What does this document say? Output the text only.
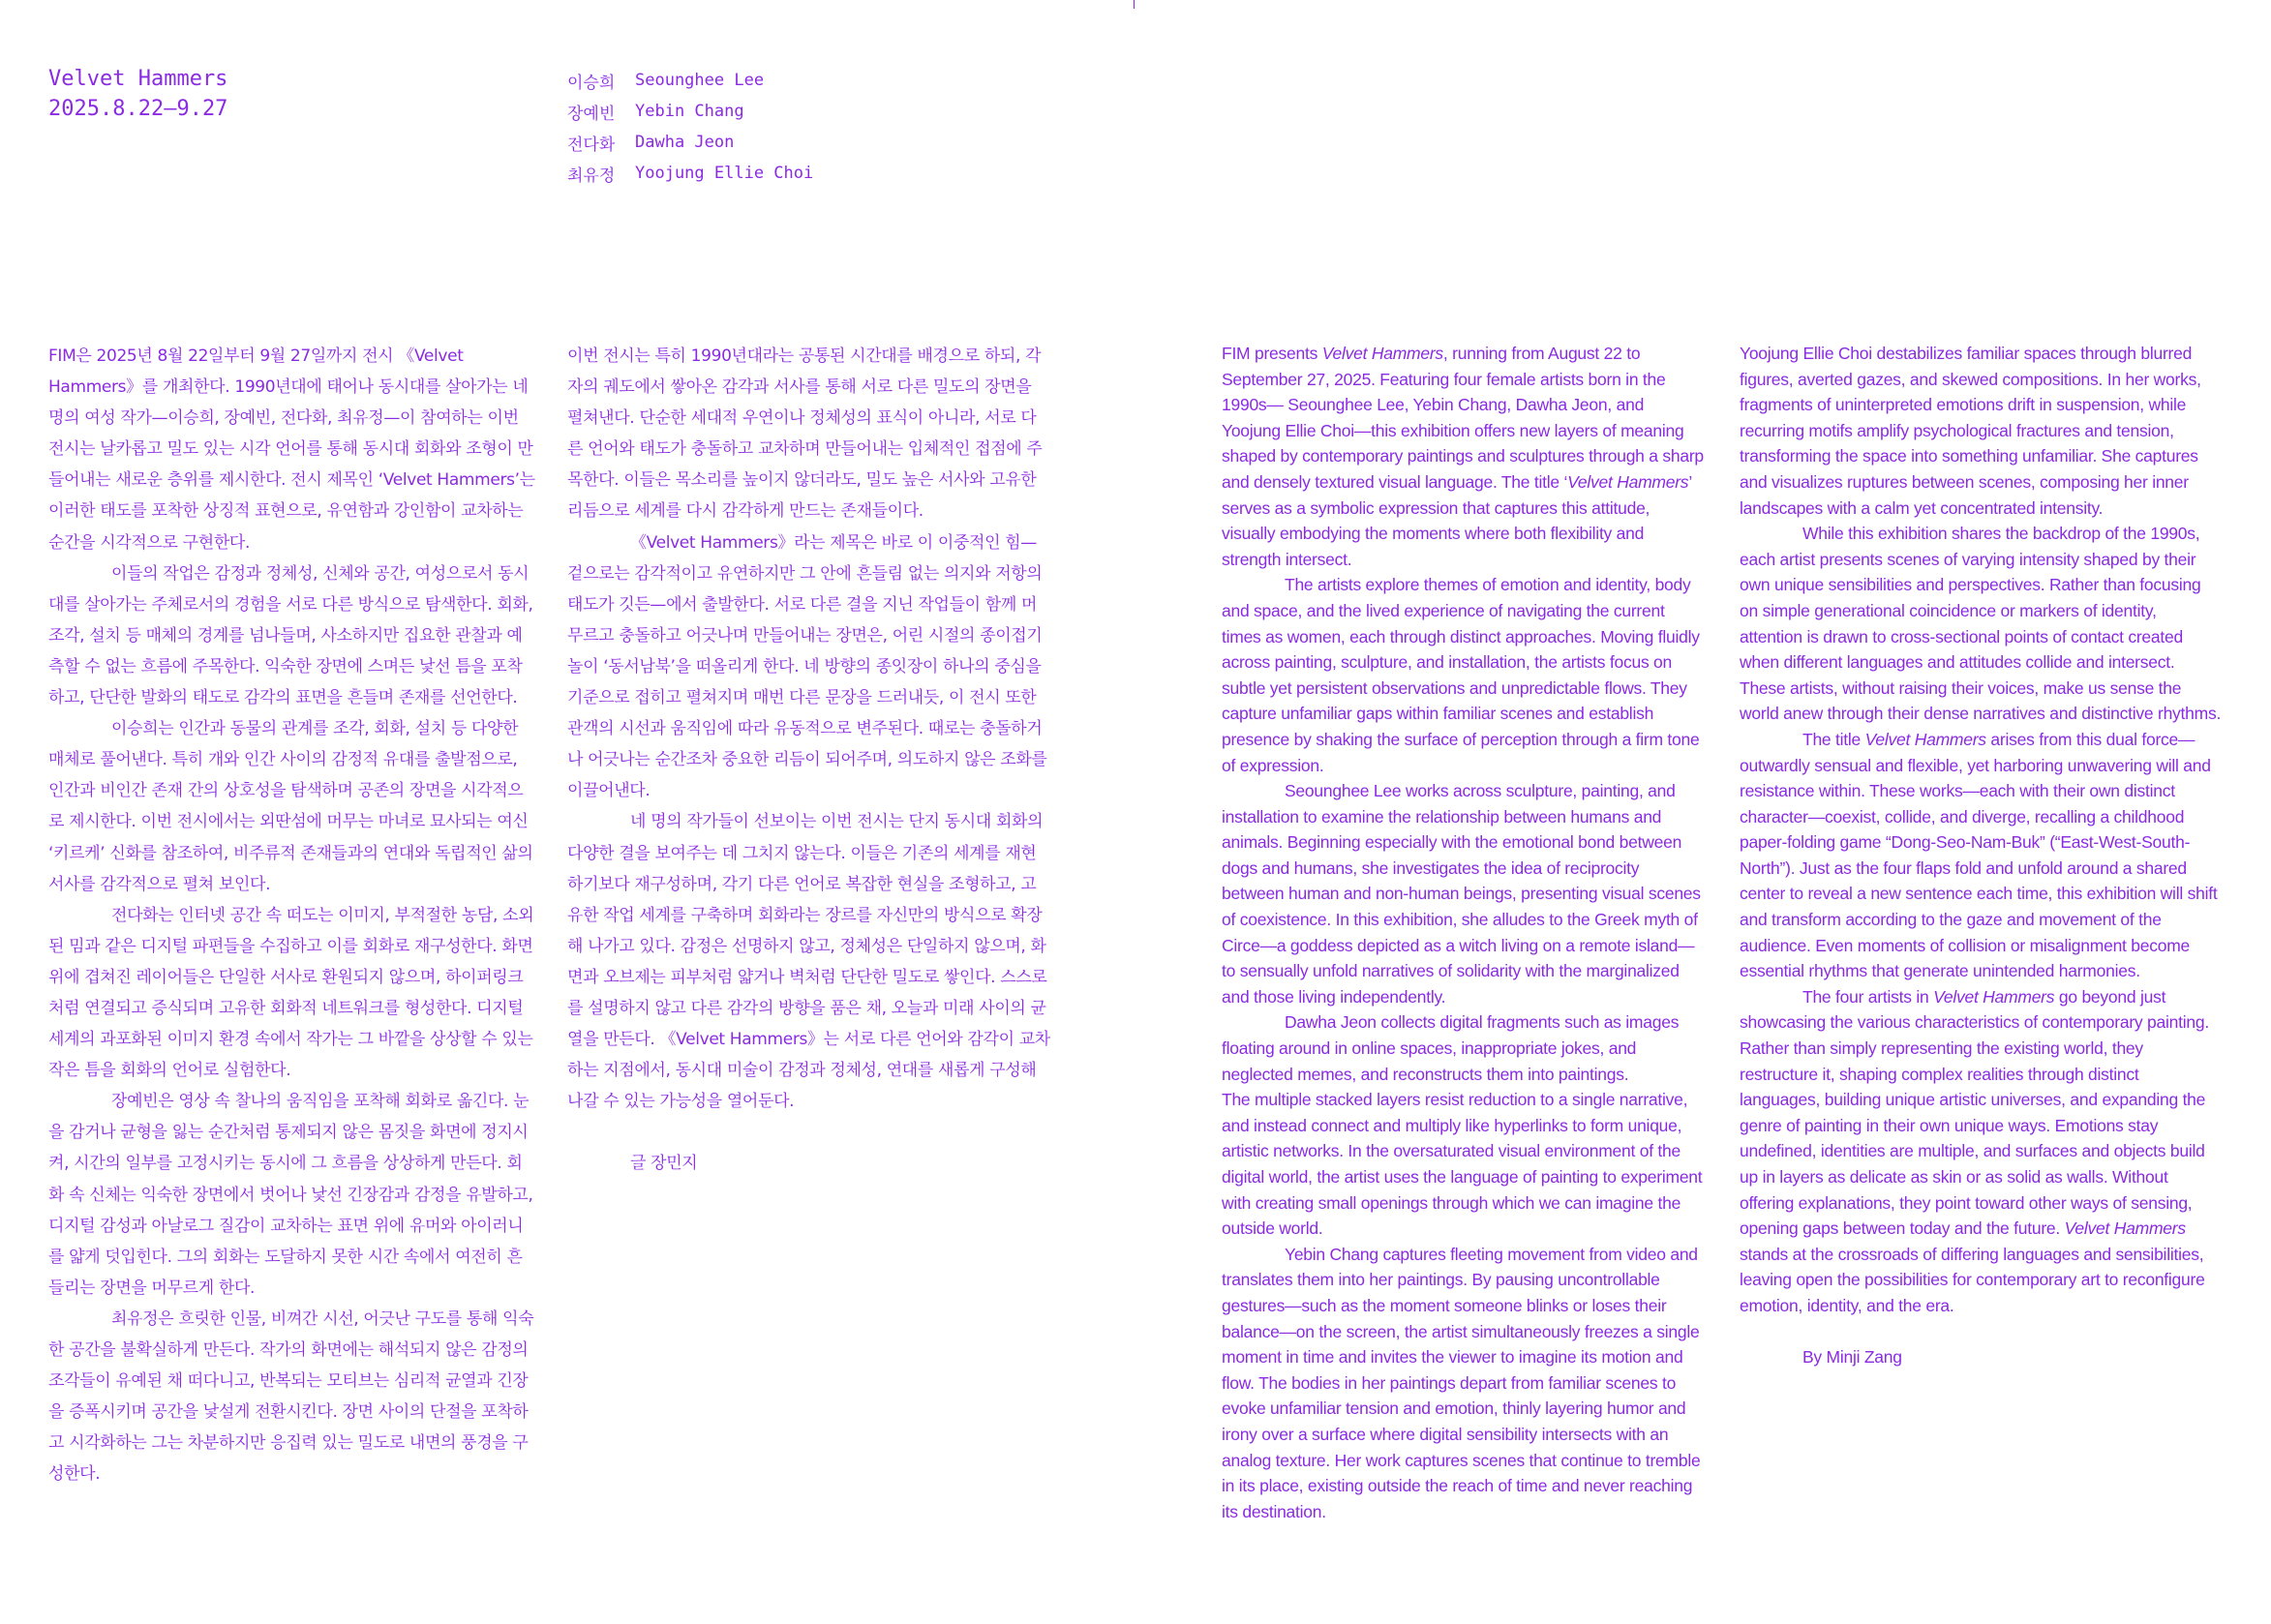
Velvet Hammers
2025.8.22—9.27
이승희	Seounghee Lee
장예빈	Yebin Chang
전다화	Dawha Jeon
최유정	Yoojung Ellie Choi

FIM은 2025년 8월 22일부터 9월 27일까지 전시 《Velvet Hammers》를 개최한다. 1990년대에 태어나 동시대를 살아가는 네 명의 여성 작가—이승희, 장예빈, 전다화, 최유정—이 참여하는 이번 전시는 날카롭고 밀도 있는 시각 언어를 통해 동시대 회화와 조형이 만들어내는 새로운 층위를 제시한다. 전시 제목인 ‘Velvet Hammers’는 이러한 태도를 포착한 상징적 표현으로, 유연함과 강인함이 교차하는 순간을 시각적으로 구현한다.

이들의 작업은 감정과 정체성, 신체와 공간, 여성으로서 동시대를 살아가는 주체로서의 경험을 서로 다른 방식으로 탐색한다. 회화, 조각, 설치 등 매체의 경계를 넘나들며, 사소하지만 집요한 관찰과 예측할 수 없는 흐름에 주목한다. 익숙한 장면에 스며든 낯선 틈을 포착하고, 단단한 발화의 태도로 감각의 표면을 흔들며 존재를 선언한다.

이승희는 인간과 동물의 관계를 조각, 회화, 설치 등 다양한 매체로 풀어낸다. 특히 개와 인간 사이의 감정적 유대를 출발점으로, 인간과 비인간 존재 간의 상호성을 탐색하며 공존의 장면을 시각적으로 제시한다. 이번 전시에서는 외딴섬에 머무는 마녀로 묘사되는 여신 ‘키르케’ 신화를 참조하여, 비주류적 존재들과의 연대와 독립적인 삶의 서사를 감각적으로 펼쳐 보인다.

전다화는 인터넷 공간 속 떠도는 이미지, 부적절한 농담, 소외된 밈과 같은 디지털 파편들을 수집하고 이를 회화로 재구성한다. 화면 위에 겹쳐진 레이어들은 단일한 서사로 환원되지 않으며, 하이퍼링크처럼 연결되고 증식되며 고유한 회화적 네트워크를 형성한다. 디지털 세계의 과포화된 이미지 환경 속에서 작가는 그 바깥을 상상할 수 있는 작은 틈을 회화의 언어로 실험한다.

장예빈은 영상 속 찰나의 움직임을 포착해 회화로 옮긴다. 눈을 감거나 균형을 잃는 순간처럼 통제되지 않은 몸짓을 화면에 정지시켜, 시간의 일부를 고정시키는 동시에 그 흐름을 상상하게 만든다. 회화 속 신체는 익숙한 장면에서 벗어나 낯선 긴장감과 감정을 유발하고, 디지털 감성과 아날로그 질감이 교차하는 표면 위에 유머와 아이러니를 얇게 덧입힌다. 그의 회화는 도달하지 못한 시간 속에서 여전히 흔들리는 장면을 머무르게 한다.

최유정은 흐릿한 인물, 비껴간 시선, 어긋난 구도를 통해 익숙한 공간을 불확실하게 만든다. 작가의 화면에는 해석되지 않은 감정의 조각들이 유예된 채 떠다니고, 반복되는 모티브는 심리적 균열과 긴장을 증폭시키며 공간을 낯설게 전환시킨다. 장면 사이의 단절을 포착하고 시각화하는 그는 차분하지만 응집력 있는 밀도로 내면의 풍경을 구성한다.

이번 전시는 특히 1990년대라는 공통된 시간대를 배경으로 하되, 각자의 궤도에서 쌓아온 감각과 서사를 통해 서로 다른 밀도의 장면을 펼쳐낸다. 단순한 세대적 우연이나 정체성의 표식이 아니라, 서로 다른 언어와 태도가 충돌하고 교차하며 만들어내는 입체적인 접점에 주목한다. 이들은 목소리를 높이지 않더라도, 밀도 높은 서사와 고유한 리듬으로 세계를 다시 감각하게 만드는 존재들이다.

《Velvet Hammers》라는 제목은 바로 이 이중적인 힘—겉으로는 감각적이고 유연하지만 그 안에 흔들림 없는 의지와 저항의 태도가 깃든—에서 출발한다. 서로 다른 결을 지닌 작업들이 함께 머무르고 충돌하고 어긋나며 만들어내는 장면은, 어린 시절의 종이접기 놀이 ‘동서남북’을 떠올리게 한다. 네 방향의 종잇장이 하나의 중심을 기준으로 접히고 펼쳐지며 매번 다른 문장을 드러내듯, 이 전시 또한 관객의 시선과 움직임에 따라 유동적으로 변주된다. 때로는 충돌하거나 어긋나는 순간조차 중요한 리듬이 되어주며, 의도하지 않은 조화를 이끌어낸다.

네 명의 작가들이 선보이는 이번 전시는 단지 동시대 회화의 다양한 결을 보여주는 데 그치지 않는다. 이들은 기존의 세계를 재현하기보다 재구성하며, 각기 다른 언어로 복잡한 현실을 조형하고, 고유한 작업 세계를 구축하며 회화라는 장르를 자신만의 방식으로 확장해 나가고 있다. 감정은 선명하지 않고, 정체성은 단일하지 않으며, 화면과 오브제는 피부처럼 얇거나 벽처럼 단단한 밀도로 쌓인다. 스스로를 설명하지 않고 다른 감각의 방향을 품은 채, 오늘과 미래 사이의 균열을 만든다. 《Velvet Hammers》는 서로 다른 언어와 감각이 교차하는 지점에서, 동시대 미술이 감정과 정체성, 연대를 새롭게 구성해 나갈 수 있는 가능성을 열어둔다.

글 장민지

FIM presents Velvet Hammers, running from August 22 to September 27, 2025. Featuring four female artists born in the 1990s— Seounghee Lee, Yebin Chang, Dawha Jeon, and Yoojung Ellie Choi—this exhibition offers new layers of meaning shaped by contemporary paintings and sculptures through a sharp and densely textured visual language. The title ‘Velvet Hammers’ serves as a symbolic expression that captures this attitude, visually embodying the moments where both flexibility and strength intersect.

The artists explore themes of emotion and identity, body and space, and the lived experience of navigating the current times as women, each through distinct approaches. Moving fluidly across painting, sculpture, and installation, the artists focus on subtle yet persistent observations and unpredictable flows. They capture unfamiliar gaps within familiar scenes and establish presence by shaking the surface of perception through a firm tone of expression.

Seounghee Lee works across sculpture, painting, and installation to examine the relationship between humans and animals. Beginning especially with the emotional bond between dogs and humans, she investigates the idea of reciprocity between human and non-human beings, presenting visual scenes of coexistence. In this exhibition, she alludes to the Greek myth of Circe—a goddess depicted as a witch living on a remote island— to sensually unfold narratives of solidarity with the marginalized and those living independently.

Dawha Jeon collects digital fragments such as images floating around in online spaces, inappropriate jokes, and neglected memes, and reconstructs them into paintings.

The multiple stacked layers resist reduction to a single narrative, and instead connect and multiply like hyperlinks to form unique, artistic networks. In the oversaturated visual environment of the digital world, the artist uses the language of painting to experiment with creating small openings through which we can imagine the outside world.

Yebin Chang captures fleeting movement from video and translates them into her paintings. By pausing uncontrollable gestures—such as the moment someone blinks or loses their balance—on the screen, the artist simultaneously freezes a single moment in time and invites the viewer to imagine its motion and flow. The bodies in her paintings depart from familiar scenes to evoke unfamiliar tension and emotion, thinly layering humor and irony over a surface where digital sensibility intersects with an analog texture. Her work captures scenes that continue to tremble in its place, existing outside the reach of time and never reaching its destination.

Yoojung Ellie Choi destabilizes familiar spaces through blurred figures, averted gazes, and skewed compositions. In her works, fragments of uninterpreted emotions drift in suspension, while recurring motifs amplify psychological fractures and tension, transforming the space into something unfamiliar. She captures and visualizes ruptures between scenes, composing her inner landscapes with a calm yet concentrated intensity.

While this exhibition shares the backdrop of the 1990s, each artist presents scenes of varying intensity shaped by their own unique sensibilities and perspectives. Rather than focusing on simple generational coincidence or markers of identity, attention is drawn to cross-sectional points of contact created when different languages and attitudes collide and intersect. These artists, without raising their voices, make us sense the world anew through their dense narratives and distinctive rhythms.

The title Velvet Hammers arises from this dual force—outwardly sensual and flexible, yet harboring unwavering will and resistance within. These works—each with their own distinct character—coexist, collide, and diverge, recalling a childhood paper-folding game “Dong-Seo-Nam-Buk” (“East-West-South-North”). Just as the four flaps fold and unfold around a shared center to reveal a new sentence each time, this exhibition will shift and transform according to the gaze and movement of the audience. Even moments of collision or misalignment become essential rhythms that generate unintended harmonies.

The four artists in Velvet Hammers go beyond just showcasing the various characteristics of contemporary painting. Rather than simply representing the existing world, they restructure it, shaping complex realities through distinct languages, building unique artistic universes, and expanding the genre of painting in their own unique ways. Emotions stay undefined, identities are multiple, and surfaces and objects build up in layers as delicate as skin or as solid as walls. Without offering explanations, they point toward other ways of sensing, opening gaps between today and the future. Velvet Hammers stands at the crossroads of differing languages and sensibilities, leaving open the possibilities for contemporary art to reconfigure emotion, identity, and the era.

By Minji Zang
